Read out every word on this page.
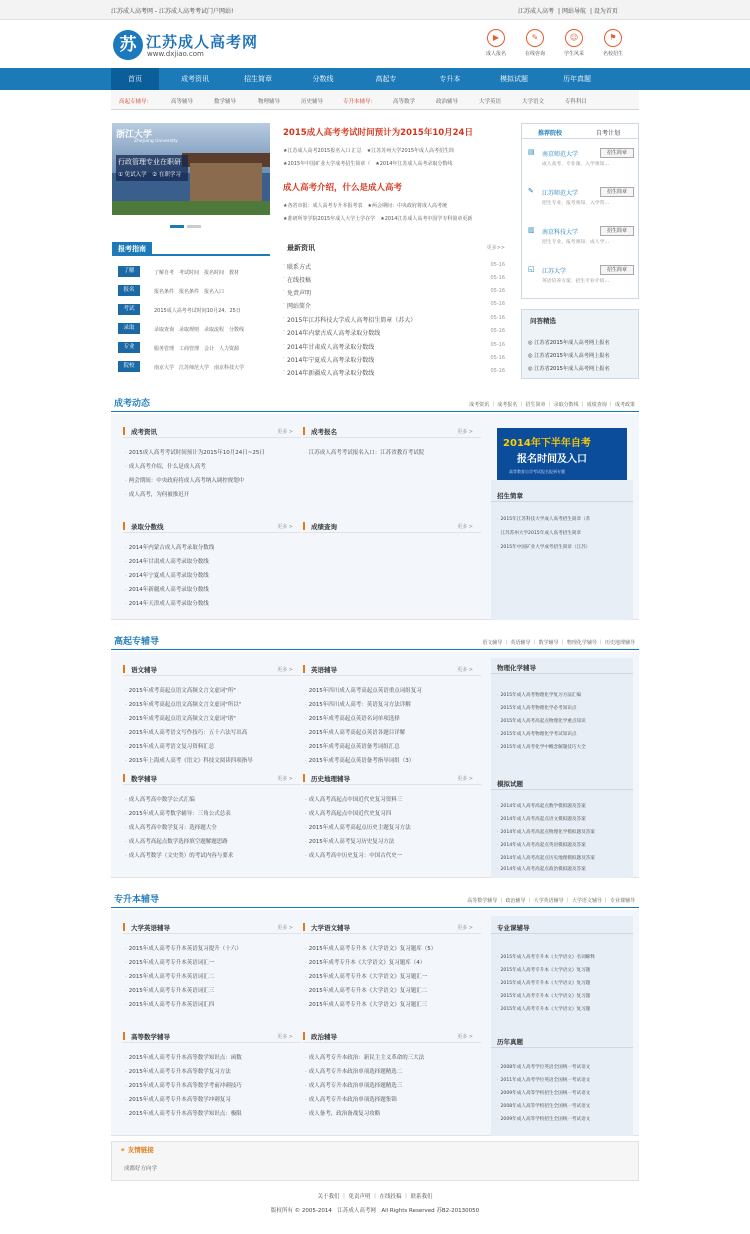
江苏成人高考网 - 江苏成人高考考试门户网站!	江苏成人高考 | 网站导航 | 设为首页
苏 江苏成人高考网
www.dxjiao.com
▶
成人报名
✎
在线咨询
☺
学生风采
⚑
名校招生
首页	成考资讯	招生简章	分数线	高起专	专升本	模拟试题	历年真题
高起专辅导：	高等辅导	数学辅导	物理辅导	历史辅导	专升本辅导：	高等数学	政治辅导	大学英语	大学语文	专科科目
浙江大学
Zhejiang University
行政管理专业在职研
① 免试入学　② 在职学习
2015成人高考考试时间预计为2015年10月24日
★江苏成人高考2015报名入口 汇总　★江苏苏州大学2015年成人高考招生简
★2015年中国矿业大学成考招生简章（　★2014年江苏成人高考录取分数线
成人高考介绍，什么是成人高考
★各省市报：成人高考专升本报考表　★两会期间：中央政府将成人高考统
★准研所等学院2015年成人大学土学在学　★2014江苏成人高考中国学专科简章更新
推荐院校	自考计划
▤ 南京师范大学	招生简章
成人高考、专业课、入学须知…
✎ 江苏师范大学	招生简章
招生专业、报考须知、入学常…
▥ 南京科技大学	招生简章
招生专业、报考须知、成人学…
◱ 江苏大学	招生简章
英语培养方案、招生专业介绍…
报考指南
了解	了解自考　考试时间　报名时间　教材
报名	报名条件　报名条件　报名入口
考试	2015成人高考考试时间10月24、25日
录取	录取查询　录取规则　录取流程　分数线
专业	服务管理　工商管理　会计　人力资源
院校	南京大学　江苏师范大学　南京科技大学
最新资讯	更多>>
· 联系方式	05-16
· 在线投稿	05-16
· 免责声明	05-16
· 网站简介	05-16
· 2015年江苏科技大学成人高考招生简章（苏大）	05-16
· 2014年内蒙古成人高考录取分数线	05-16
· 2014年甘肃成人高考录取分数线	05-16
· 2014年宁夏成人高考录取分数线	05-16
· 2014年新疆成人高考录取分数线	05-16
问答精选
◎ 江苏省2015年成人高考网上报名
◎ 江苏省2015年成人高考网上报名
◎ 江苏省2015年成人高考网上报名
成考动态	成考资讯 ｜ 成考报名 ｜ 招生简章 ｜ 录取分数线 ｜ 成绩查询 ｜ 成考政策
成考资讯	更多 >
· 2015成人高考考试时间预计为2015年10月24日~25日
· 成人高考介绍，什么是成人高考
· 两会期间：中央政府将成人高考纳入调控规划中
· 成人高考，为何被推迟开
成考报名	更多 >
· 江苏成人高考考试报名入口：江苏省教育考试院
录取分数线	更多 >
· 2014年内蒙古成人高考录取分数线
· 2014年甘肃成人高考录取分数线
· 2014年宁夏成人高考录取分数线
· 2014年新疆成人高考录取分数线
· 2014年天津成人高考录取分数线
成绩查询	更多 >
招生简章
· 2015年江苏科技大学成人高考招生简章（苏
· 江苏苏州大学2015年成人高考招生简章
· 2015年中国矿业大学成考招生简章（江苏）
2014年下半年自考
报名时间及入口
高等教育自学考试报名报到专题
高起专辅导	语文辅导 ｜ 英语辅导 ｜ 数学辅导 ｜ 物理化学辅导 ｜ 历史地理辅导
语文辅导	更多 >
· 2015年成考高起点语文高频文言文虚词"所"
· 2015年成考高起点语文高频文言文虚词"所以"
· 2015年成考高起点语文高频文言文虚词"诸"
· 2015年成人高考语文写作技巧：五十六法写出高
· 2015年成人高考语文复习资料汇总
· 2015年上海成人高考《语文》科技文阅读四项指导
英语辅导	更多 >
· 2015年四川成人高考高起点英语重点词组复习
· 2015年四川成人高考：英语复习方法详解
· 2015年成考高起点英语名词单项选择
· 2015年成人高考高起点英语各题目详解
· 2015年成考高起点英语备考词组汇总
· 2015年成考高起点英语备考指导词组（3）
数学辅导	更多 >
· 成人高考高中数学公式汇编
· 2015年成人高考数学辅导：三角公式总表
· 成人高考高中数学复习：选择题大全
· 成人高考高起点数学选择填空题解题思路
· 成人高考数学（文史类）的考试内容与要求
历史地理辅导	更多 >
· 成人高考高起点中国近代史复习资料三
· 成人高考高起点中国近代史复习四
· 2015年成人高考高起点历史主题复习方法
· 2015年成人高考复习历史复习方法
· 成人高考高中历史复习：中国古代史一
物理化学辅导
· 2015年成人高考物理化学复习方法汇编
· 2015年成人高考物理化学必考知识点
· 2015年成人高考高起点物理化学重点知识
· 2015年成人高考物理化学考试知识点
· 2015年成人高考化学中概念解题技巧大全
模拟试题
· 2014年成人高考高起点数学模拟题及答案
· 2014年成人高考高起点语文模拟题及答案
· 2014年成人高考高起点物理化学模拟题及答案
· 2014年成人高考高起点英语模拟题及答案
· 2014年成人高考高起点历史地理模拟题及答案
· 2014年成人高考高起点政治模拟题及答案
专升本辅导	高等数学辅导 ｜ 政治辅导 ｜ 大学英语辅导 ｜ 大学语文辅导 ｜ 专业课辅导
大学英语辅导	更多 >
· 2015年成人高考专升本英语复习提升（十六）
· 2015年成人高考专升本英语词汇一
· 2015年成人高考专升本英语词汇二
· 2015年成人高考专升本英语词汇三
· 2015年成人高考专升本英语词汇四
大学语文辅导	更多 >
· 2015年成人高考专升本《大学语文》复习题库（5）
· 2015年成考专升本《大学语文》复习题库（4）
· 2015年成人高考专升本《大学语文》复习题汇一
· 2015年成人高考专升本《大学语文》复习题汇二
· 2015年成人高考专升本《大学语文》复习题汇三
高等数学辅导	更多 >
· 2015年成人高考专升本高等数学知识点：函数
· 2015年成人高考专升本高等数学复习方法
· 2015年成人高考专升本高等数学考前冲刺技巧
· 2015年成人高考专升本高等数学冲刺复习
· 2015年成人高考专升本高等数学知识点：极限
政治辅导	更多 >
· 成人高考专升本政治：新民主主义革命的三大法
· 成人高考专升本政治单项选择题精选二
· 成人高考专升本政治单项选择题精选三
· 成人高考专升本政治单项选择题集锦
· 成人备考，政治备战复习攻略
专业课辅导
· 2015年成人高考专升本《大学语文》名词解释
· 2015年成人高考专升本《大学语文》复习题
· 2015年成人高考专升本《大学语文》复习题
· 2015年成人高考专升本《大学语文》复习题
· 2015年成人高考专升本《大学语文》复习题
历年真题
· 2008年成人高考学位英语全国统一考试语文
· 2011年成人高考学位英语全国统一考试语文
· 2009年成人高等学校招生全国统一考试语文
· 2008年成人高等学校招生全国统一考试语文
· 2009年成人高等学校招生全国统一考试语文
⚭ 友情链接
成都好方向学
关于我们 ｜ 免责声明 ｜ 在线投稿 ｜ 联系我们
版权所有 © 2005-2014　江苏成人高考网　All Rights Reserved 苏B2-20130050
